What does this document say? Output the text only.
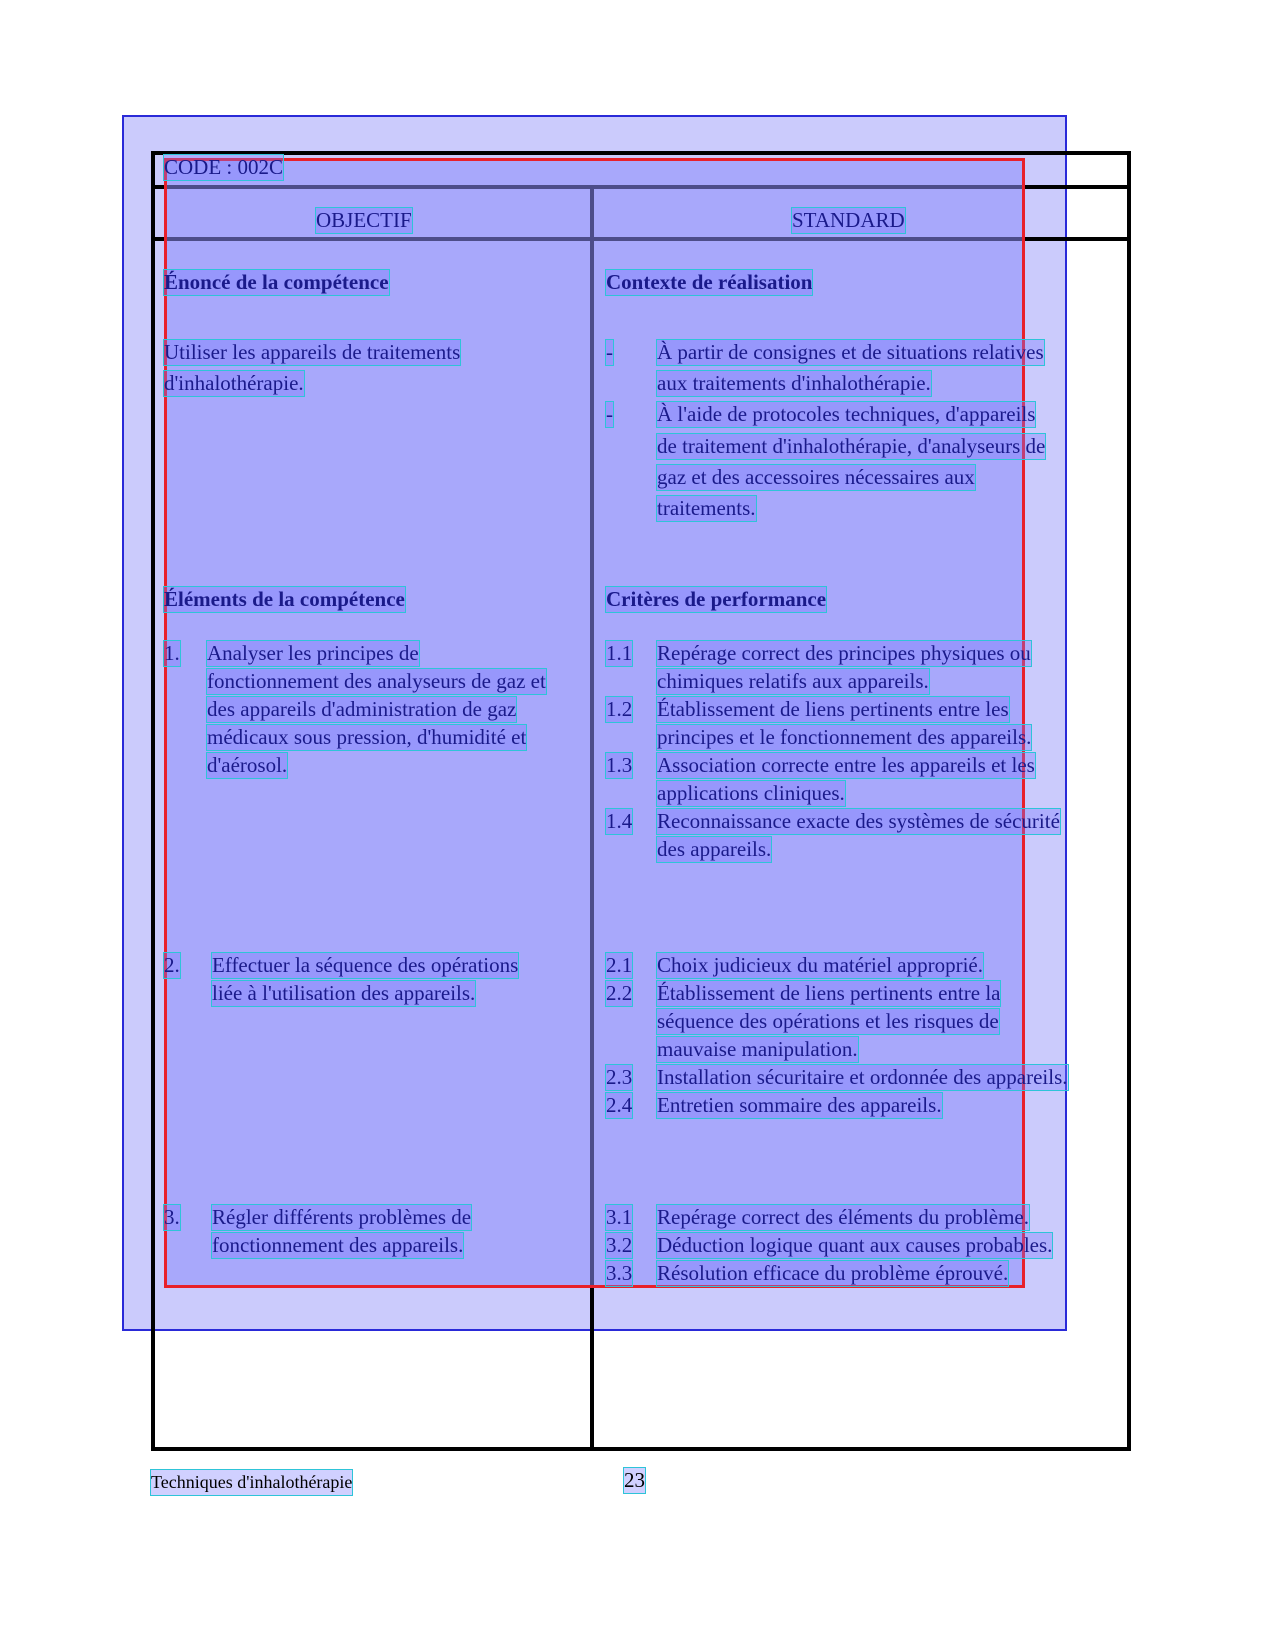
CODE : 002C
OBJECTIF	STANDARD
Énoncé de la compétence
Utiliser les appareils de traitements
d'inhalothérapie.
Contexte de réalisation
- À partir de consignes et de situations relatives
aux traitements d'inhalothérapie.
- À l'aide de protocoles techniques, d'appareils
de traitement d'inhalothérapie, d'analyseurs de
gaz et des accessoires nécessaires aux
traitements.
Éléments de la compétence
1. Analyser les principes de
fonctionnement des analyseurs de gaz et
des appareils d'administration de gaz
médicaux sous pression, d'humidité et
d'aérosol.
2. Effectuer la séquence des opérations
liée à l'utilisation des appareils.
3. Régler différents problèmes de
fonctionnement des appareils.
Critères de performance
1.1 Repérage correct des principes physiques ou
chimiques relatifs aux appareils.
1.2 Établissement de liens pertinents entre les
principes et le fonctionnement des appareils.
1.3 Association correcte entre les appareils et les
applications cliniques.
1.4 Reconnaissance exacte des systèmes de sécurité
des appareils.
2.1 Choix judicieux du matériel approprié.
2.2 Établissement de liens pertinents entre la
séquence des opérations et les risques de
mauvaise manipulation.
2.3 Installation sécuritaire et ordonnée des appareils.
2.4 Entretien sommaire des appareils.
3.1 Repérage correct des éléments du problème.
3.2 Déduction logique quant aux causes probables.
3.3 Résolution efficace du problème éprouvé.
Techniques d'inhalothérapie	23
